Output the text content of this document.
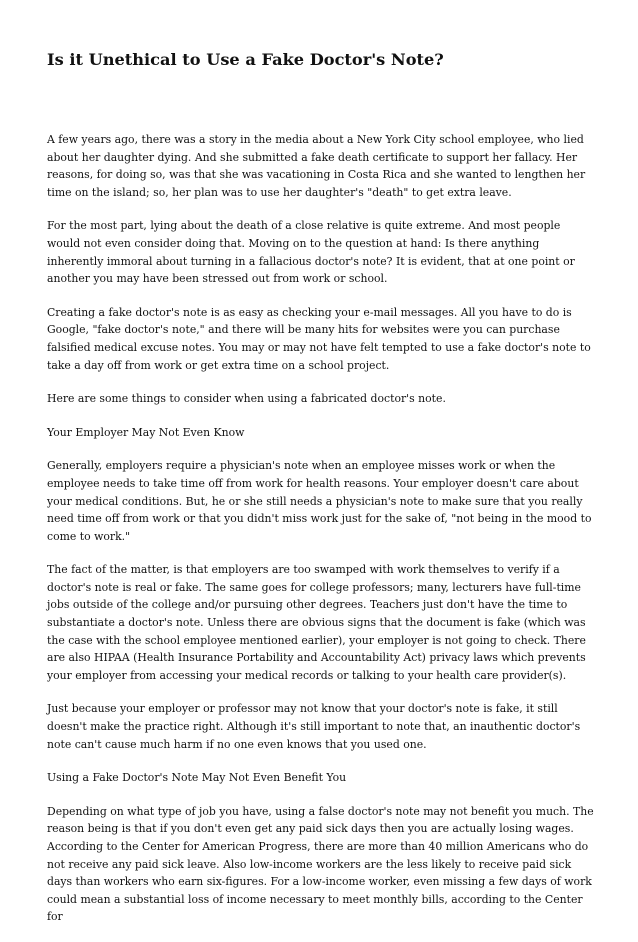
Is it Unethical to Use a Fake Doctor's Note?

A few years ago, there was a story in the media about a New York City school employee, who lied about her daughter dying. And she submitted a fake death certificate to support her fallacy. Her reasons, for doing so, was that she was vacationing in Costa Rica and she wanted to lengthen her time on the island; so, her plan was to use her daughter's "death" to get extra leave.

For the most part, lying about the death of a close relative is quite extreme. And most people would not even consider doing that. Moving on to the question at hand: Is there anything inherently immoral about turning in a fallacious doctor's note? It is evident, that at one point or another you may have been stressed out from work or school.

Creating a fake doctor's note is as easy as checking your e-mail messages. All you have to do is Google, "fake doctor's note," and there will be many hits for websites were you can purchase falsified medical excuse notes. You may or may not have felt tempted to use a fake doctor's note to take a day off from work or get extra time on a school project.

Here are some things to consider when using a fabricated doctor's note.

Your Employer May Not Even Know

Generally, employers require a physician's note when an employee misses work or when the employee needs to take time off from work for health reasons. Your employer doesn't care about your medical conditions. But, he or she still needs a physician's note to make sure that you really need time off from work or that you didn't miss work just for the sake of, "not being in the mood to come to work."

The fact of the matter, is that employers are too swamped with work themselves to verify if a doctor's note is real or fake. The same goes for college professors; many, lecturers have full-time jobs outside of the college and/or pursuing other degrees. Teachers just don't have the time to substantiate a doctor's note. Unless there are obvious signs that the document is fake (which was the case with the school employee mentioned earlier), your employer is not going to check. There are also HIPAA (Health Insurance Portability and Accountability Act) privacy laws which prevents your employer from accessing your medical records or talking to your health care provider(s).

Just because your employer or professor may not know that your doctor's note is fake, it still doesn't make the practice right. Although it's still important to note that, an inauthentic doctor's note can't cause much harm if no one even knows that you used one.

Using a Fake Doctor's Note May Not Even Benefit You

Depending on what type of job you have, using a false doctor's note may not benefit you much. The reason being is that if you don't even get any paid sick days then you are actually losing wages. According to the Center for American Progress, there are more than 40 million Americans who do not receive any paid sick leave. Also low-income workers are the less likely to receive paid sick days than workers who earn six-figures. For a low-income worker, even missing a few days of work could mean a substantial loss of income necessary to meet monthly bills, according to the Center for
